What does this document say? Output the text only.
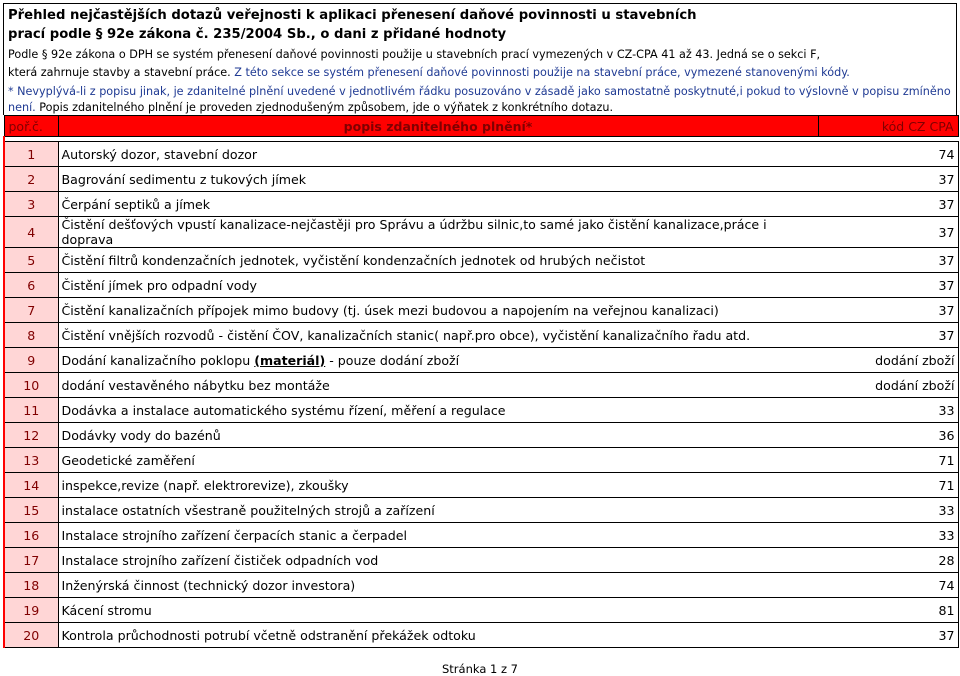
Přehled nejčastějších dotazů veřejnosti k aplikaci přenesení daňové povinnosti u stavebních
prací podle § 92e zákona č. 235/2004 Sb., o dani z přidané hodnoty
Podle § 92e zákona o DPH se systém přenesení daňové povinnosti použije u stavebních prací vymezených v CZ-CPA 41 až 43. Jedná se o sekci F,
která zahrnuje stavby a stavební práce. Z této sekce se systém přenesení daňové povinnosti použije na stavební práce, vymezené stanovenými kódy.
* Nevyplývá-li z popisu jinak, je zdanitelné plnění uvedené v jednotlivém řádku posuzováno v zásadě jako samostatně poskytnuté,i pokud to výslovně v popisu zmíněno není. Popis zdanitelného plnění je proveden zjednodušeným způsobem, jde o výňatek z konkrétního dotazu.
poř.č.	popis zdanitelného plnění*	kód CZ CPA

1	Autorský dozor, stavební dozor	74
2	Bagrování sedimentu z tukových jímek	37
3	Čerpání septiků a jímek	37
4	Čistění dešťových vpustí kanalizace-nejčastěji pro Správu a údržbu silnic,to samé jako čistění kanalizace,práce i doprava	37
5	Čistění filtrů kondenzačních jednotek, vyčistění kondenzačních jednotek od hrubých nečistot	37
6	Čistění jímek pro odpadní vody	37
7	Čistění kanalizačních přípojek mimo budovy (tj. úsek mezi budovou a napojením na veřejnou kanalizaci)	37
8	Čistění vnějších rozvodů - čistění ČOV, kanalizačních stanic( např.pro obce), vyčistění kanalizačního řadu atd.	37
9	Dodání kanalizačního poklopu (materiál) - pouze dodání zboží	dodání zboží
10	dodání vestavěného nábytku bez montáže	dodání zboží
11	Dodávka a instalace automatického systému řízení, měření a regulace	33
12	Dodávky vody do bazénů	36
13	Geodetické zaměření	71
14	inspekce,revize (např. elektrorevize), zkoušky	71
15	instalace ostatních všestraně použitelných strojů a zařízení	33
16	Instalace strojního zařízení čerpacích stanic a čerpadel	33
17	Instalace strojního zařízení čističek odpadních vod	28
18	Inženýrská činnost (technický dozor investora)	74
19	Kácení stromu	81
20	Kontrola průchodnosti potrubí včetně odstranění překážek odtoku	37
Stránka 1 z 7
